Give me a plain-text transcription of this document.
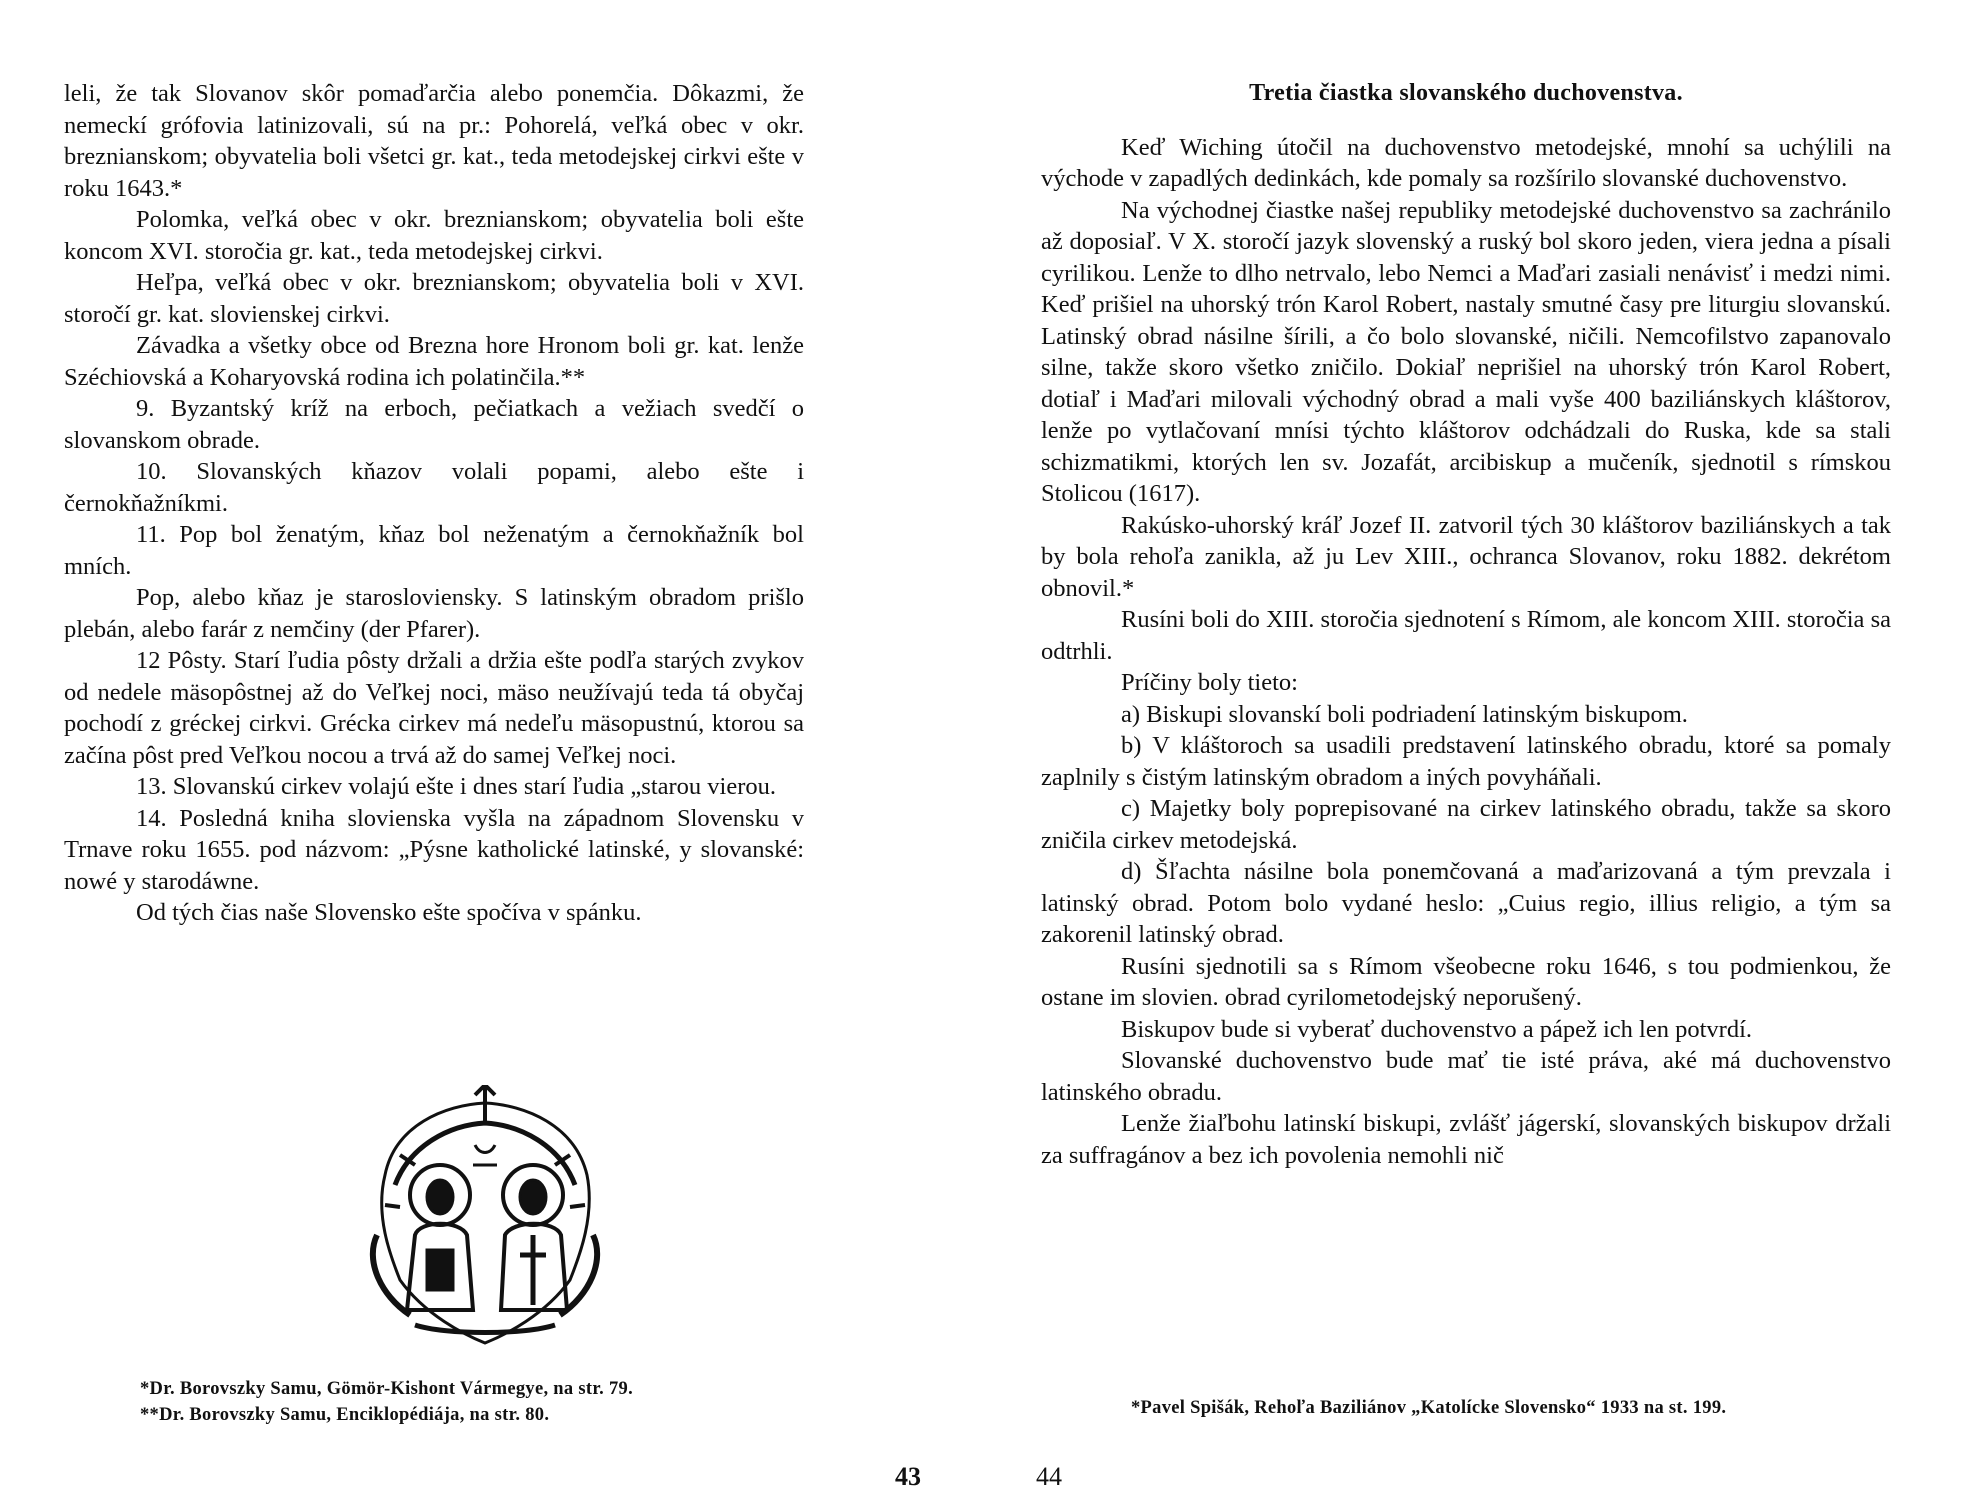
leli, že tak Slovanov skôr pomaďarčia alebo ponemčia. Dôkazmi, že nemeckí grófovia latinizovali, sú na pr.: Pohorelá, veľká obec v okr. breznianskom; obyvatelia boli všetci gr. kat., teda metodejskej cirkvi ešte v roku 1643.*

Polomka, veľká obec v okr. breznianskom; obyvatelia boli ešte koncom XVI. storočia gr. kat., teda metodejskej cirkvi.

Heľpa, veľká obec v okr. breznianskom; obyvatelia boli v XVI. storočí gr. kat. slovienskej cirkvi.

Závadka a všetky obce od Brezna hore Hronom boli gr. kat. lenže Széchiovská a Koharyovská rodina ich polatinčila.**

9. Byzantský kríž na erboch, pečiatkach a vežiach svedčí o slovanskom obrade.

10. Slovanských kňazov volali popami, alebo ešte i černokňažníkmi.

11. Pop bol ženatým, kňaz bol neženatým a černokňažník bol mních.

Pop, alebo kňaz je starosloviensky. S latinským obradom prišlo plebán, alebo farár z nemčiny (der Pfarer).

12 Pôsty. Starí ľudia pôsty držali a držia ešte podľa starých zvykov od nedele mäsopôstnej až do Veľkej noci, mäso neužívajú teda tá obyčaj pochodí z gréckej cirkvi. Grécka cirkev má nedeľu mäsopustnú, ktorou sa začína pôst pred Veľkou nocou a trvá až do samej Veľkej noci.

13. Slovanskú cirkev volajú ešte i dnes starí ľudia „starou vierou.

14. Posledná kniha slovienska vyšla na západnom Slovensku v Trnave roku 1655. pod názvom: „Pýsne katholické latinské, y slovanské: nowé y starodáwne.

Od tých čias naše Slovensko ešte spočíva v spánku.

*Dr. Borovszky Samu, Gömör-Kishont Vármegye, na str. 79.
**Dr. Borovszky Samu, Enciklopédiája, na str. 80.
43
Tretia čiastka slovanského duchovenstva.

Keď Wiching útočil na duchovenstvo metodejské, mnohí sa uchýlili na východe v zapadlých dedinkách, kde pomaly sa rozšírilo slovanské duchovenstvo.

Na východnej čiastke našej republiky metodejské duchovenstvo sa zachránilo až doposiaľ. V X. storočí jazyk slovenský a ruský bol skoro jeden, viera jedna a písali cyrilikou. Lenže to dlho netrvalo, lebo Nemci a Maďari zasiali nenávisť i medzi nimi. Keď prišiel na uhorský trón Karol Robert, nastaly smutné časy pre liturgiu slovanskú. Latinský obrad násilne šírili, a čo bolo slovanské, ničili. Nemcofilstvo zapanovalo silne, takže skoro všetko zničilo. Dokiaľ neprišiel na uhorský trón Karol Robert, dotiaľ i Maďari milovali východný obrad a mali vyše 400 baziliánskych kláštorov, lenže po vytlačovaní mnísi týchto kláštorov odchádzali do Ruska, kde sa stali schizmatikmi, ktorých len sv. Jozafát, arcibiskup a mučeník, sjednotil s rímskou Stolicou (1617).

Rakúsko-uhorský kráľ Jozef II. zatvoril tých 30 kláštorov baziliánskych a tak by bola rehoľa zanikla, až ju Lev XIII., ochranca Slovanov, roku 1882. dekrétom obnovil.*

Rusíni boli do XIII. storočia sjednotení s Rímom, ale koncom XIII. storočia sa odtrhli.

Príčiny boly tieto:

a) Biskupi slovanskí boli podriadení latinským biskupom.

b) V kláštoroch sa usadili predstavení latinského obradu, ktoré sa pomaly zaplnily s čistým latinským obradom a iných povyháňali.

c) Majetky boly poprepisované na cirkev latinského obradu, takže sa skoro zničila cirkev metodejská.

d) Šľachta násilne bola ponemčovaná a maďarizovaná a tým prevzala i latinský obrad. Potom bolo vydané heslo: „Cuius regio, illius religio, a tým sa zakorenil latinský obrad.

Rusíni sjednotili sa s Rímom všeobecne roku 1646, s tou podmienkou, že ostane im slovien. obrad cyrilometodejský neporušený.

Biskupov bude si vyberať duchovenstvo a pápež ich len potvrdí.

Slovanské duchovenstvo bude mať tie isté práva, aké má duchovenstvo latinského obradu.

Lenže žiaľbohu latinskí biskupi, zvlášť jágerskí, slovanských biskupov držali za suffragánov a bez ich povolenia nemohli nič

*Pavel Spišák, Rehoľa Baziliánov „Katolícke Slovensko“ 1933 na st. 199.
44
